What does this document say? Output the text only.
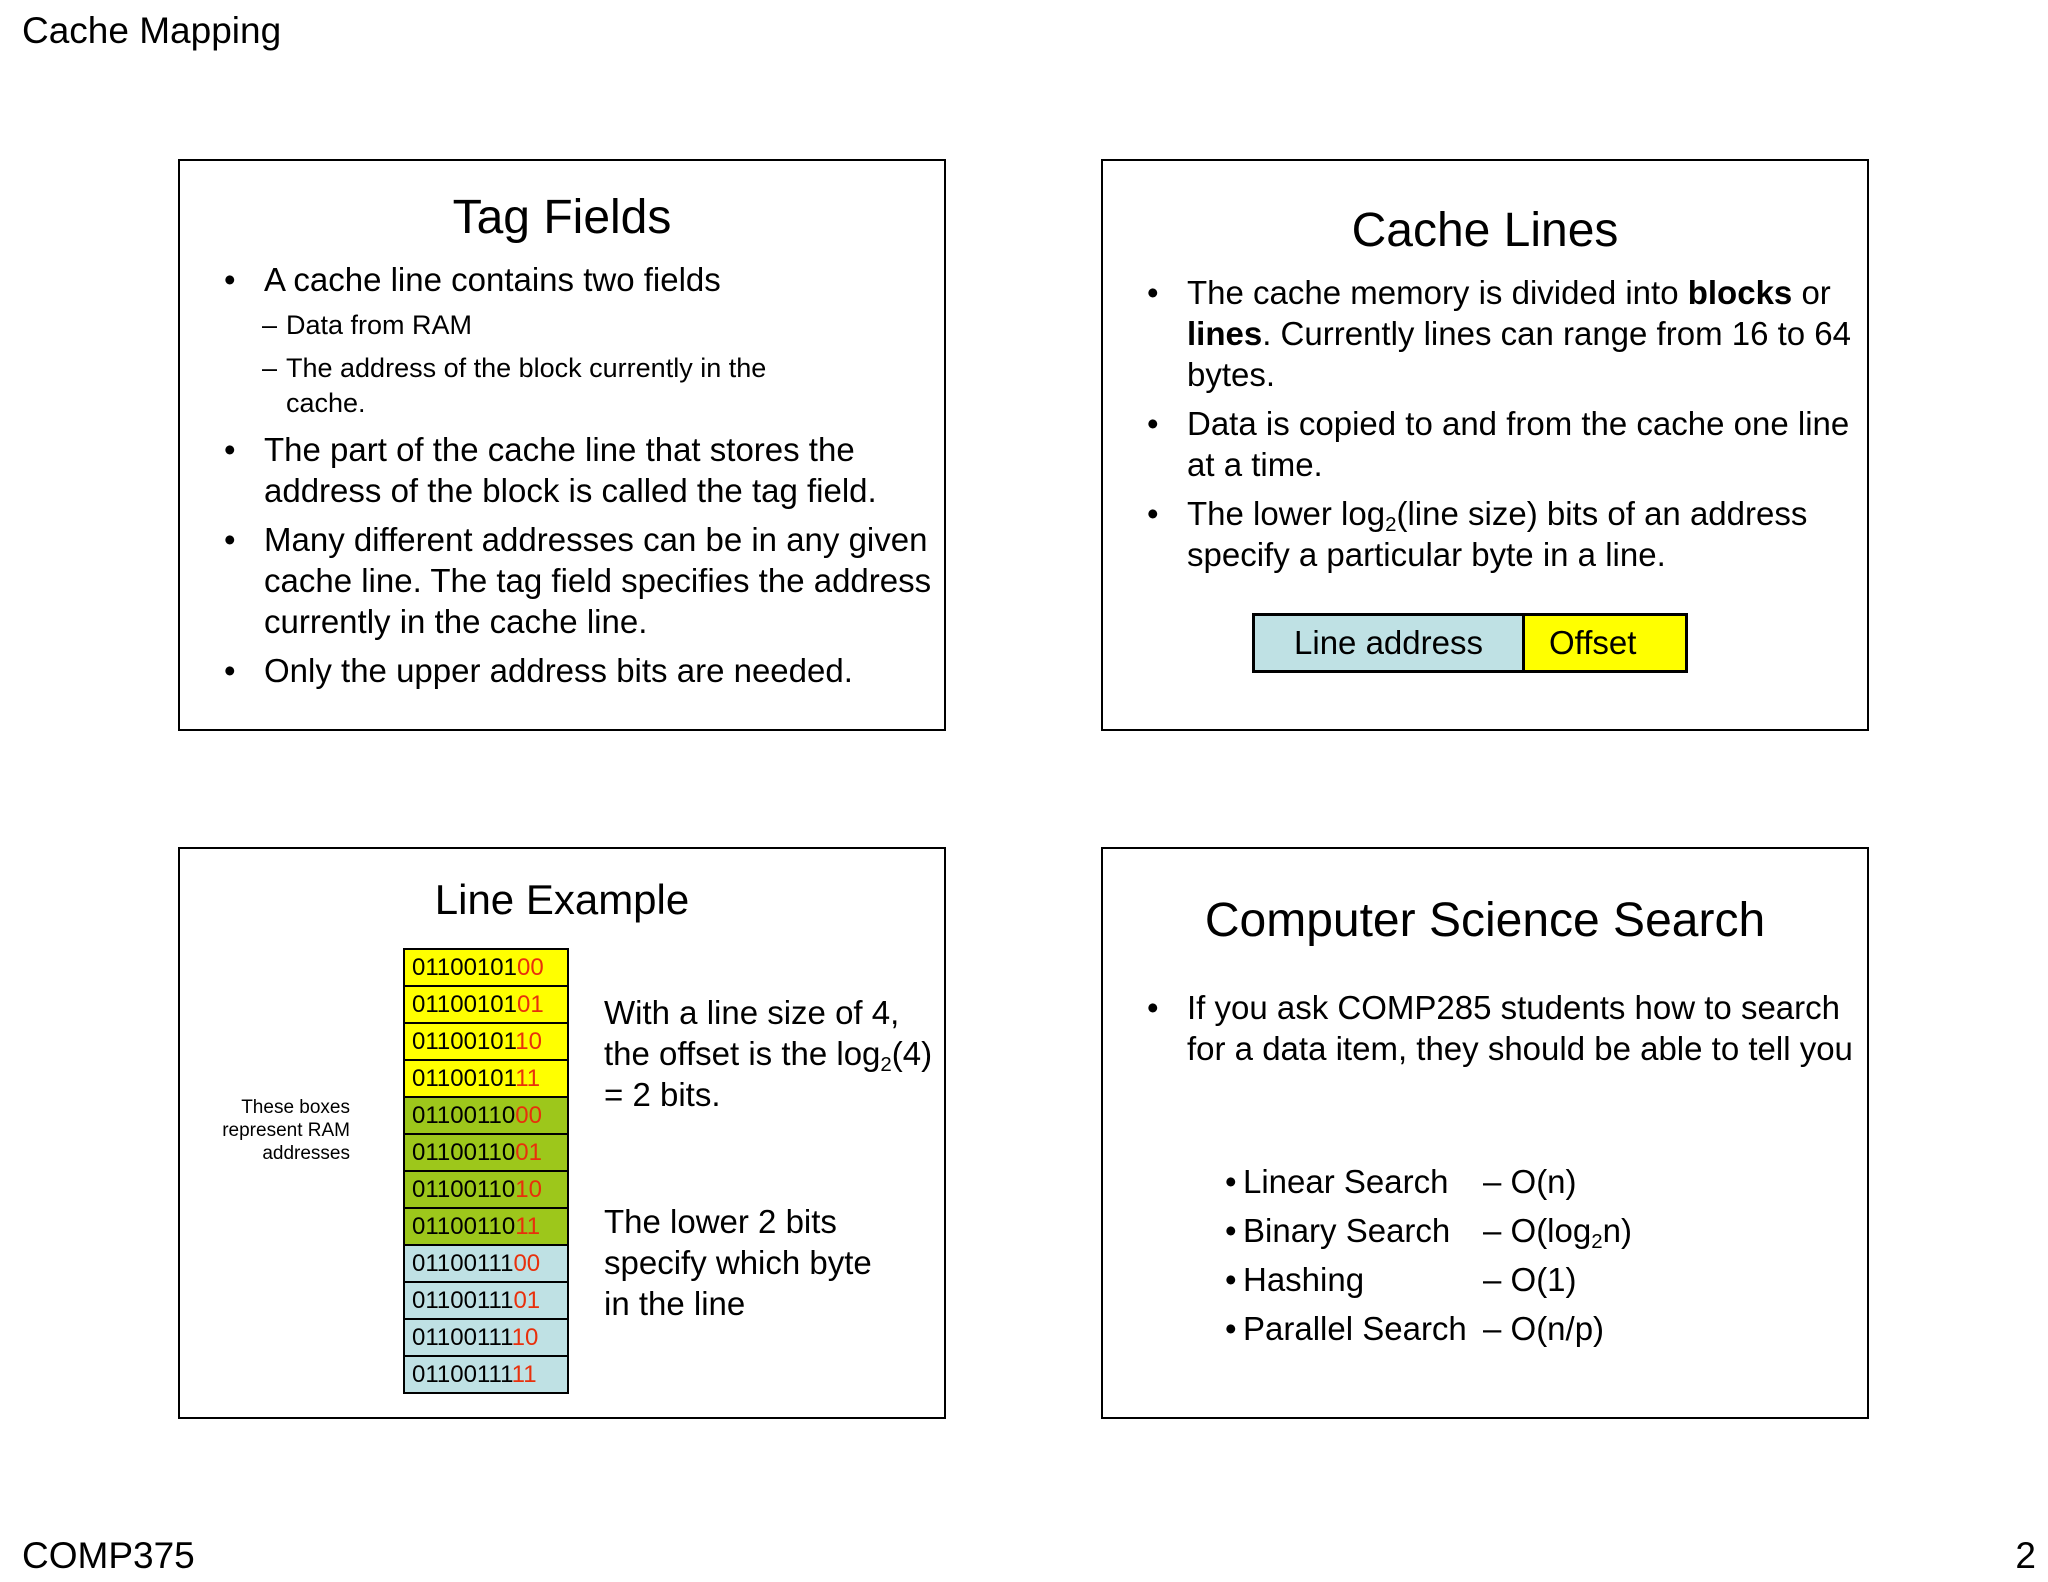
Cache Mapping
Tag Fields
• A cache line contains two fields
– Data from RAM
– The address of the block currently in the cache.
• The part of the cache line that stores the address of the block is called the tag field.
• Many different addresses can be in any given cache line. The tag field specifies the address currently in the cache line.
• Only the upper address bits are needed.
Cache Lines
• The cache memory is divided into blocks or lines. Currently lines can range from 16 to 64 bytes.
• Data is copied to and from the cache one line at a time.
• The lower $\log_2(line$ size) bits of an address specify a particular byte in a line.
Line address	Offset
Line Example
These boxes represent RAM addresses
0110010100
0110010101
0110010110
0110010111
0110011000
0110011001
0110011010
0110011011
0110011100
0110011101
0110011110
0110011111
With a line size of 4, the offset is the $\log_2(4) = 2$ bits.
The lower 2 bits specify which byte in the line
Computer Science Search
• If you ask COMP285 students how to search for a data item, they should be able to tell you
• Linear Search – O(n)
• Binary Search – $O(\log_2n)$
• Hashing	– O(1)
• Parallel Search – O(n/p)
COMP375	2
